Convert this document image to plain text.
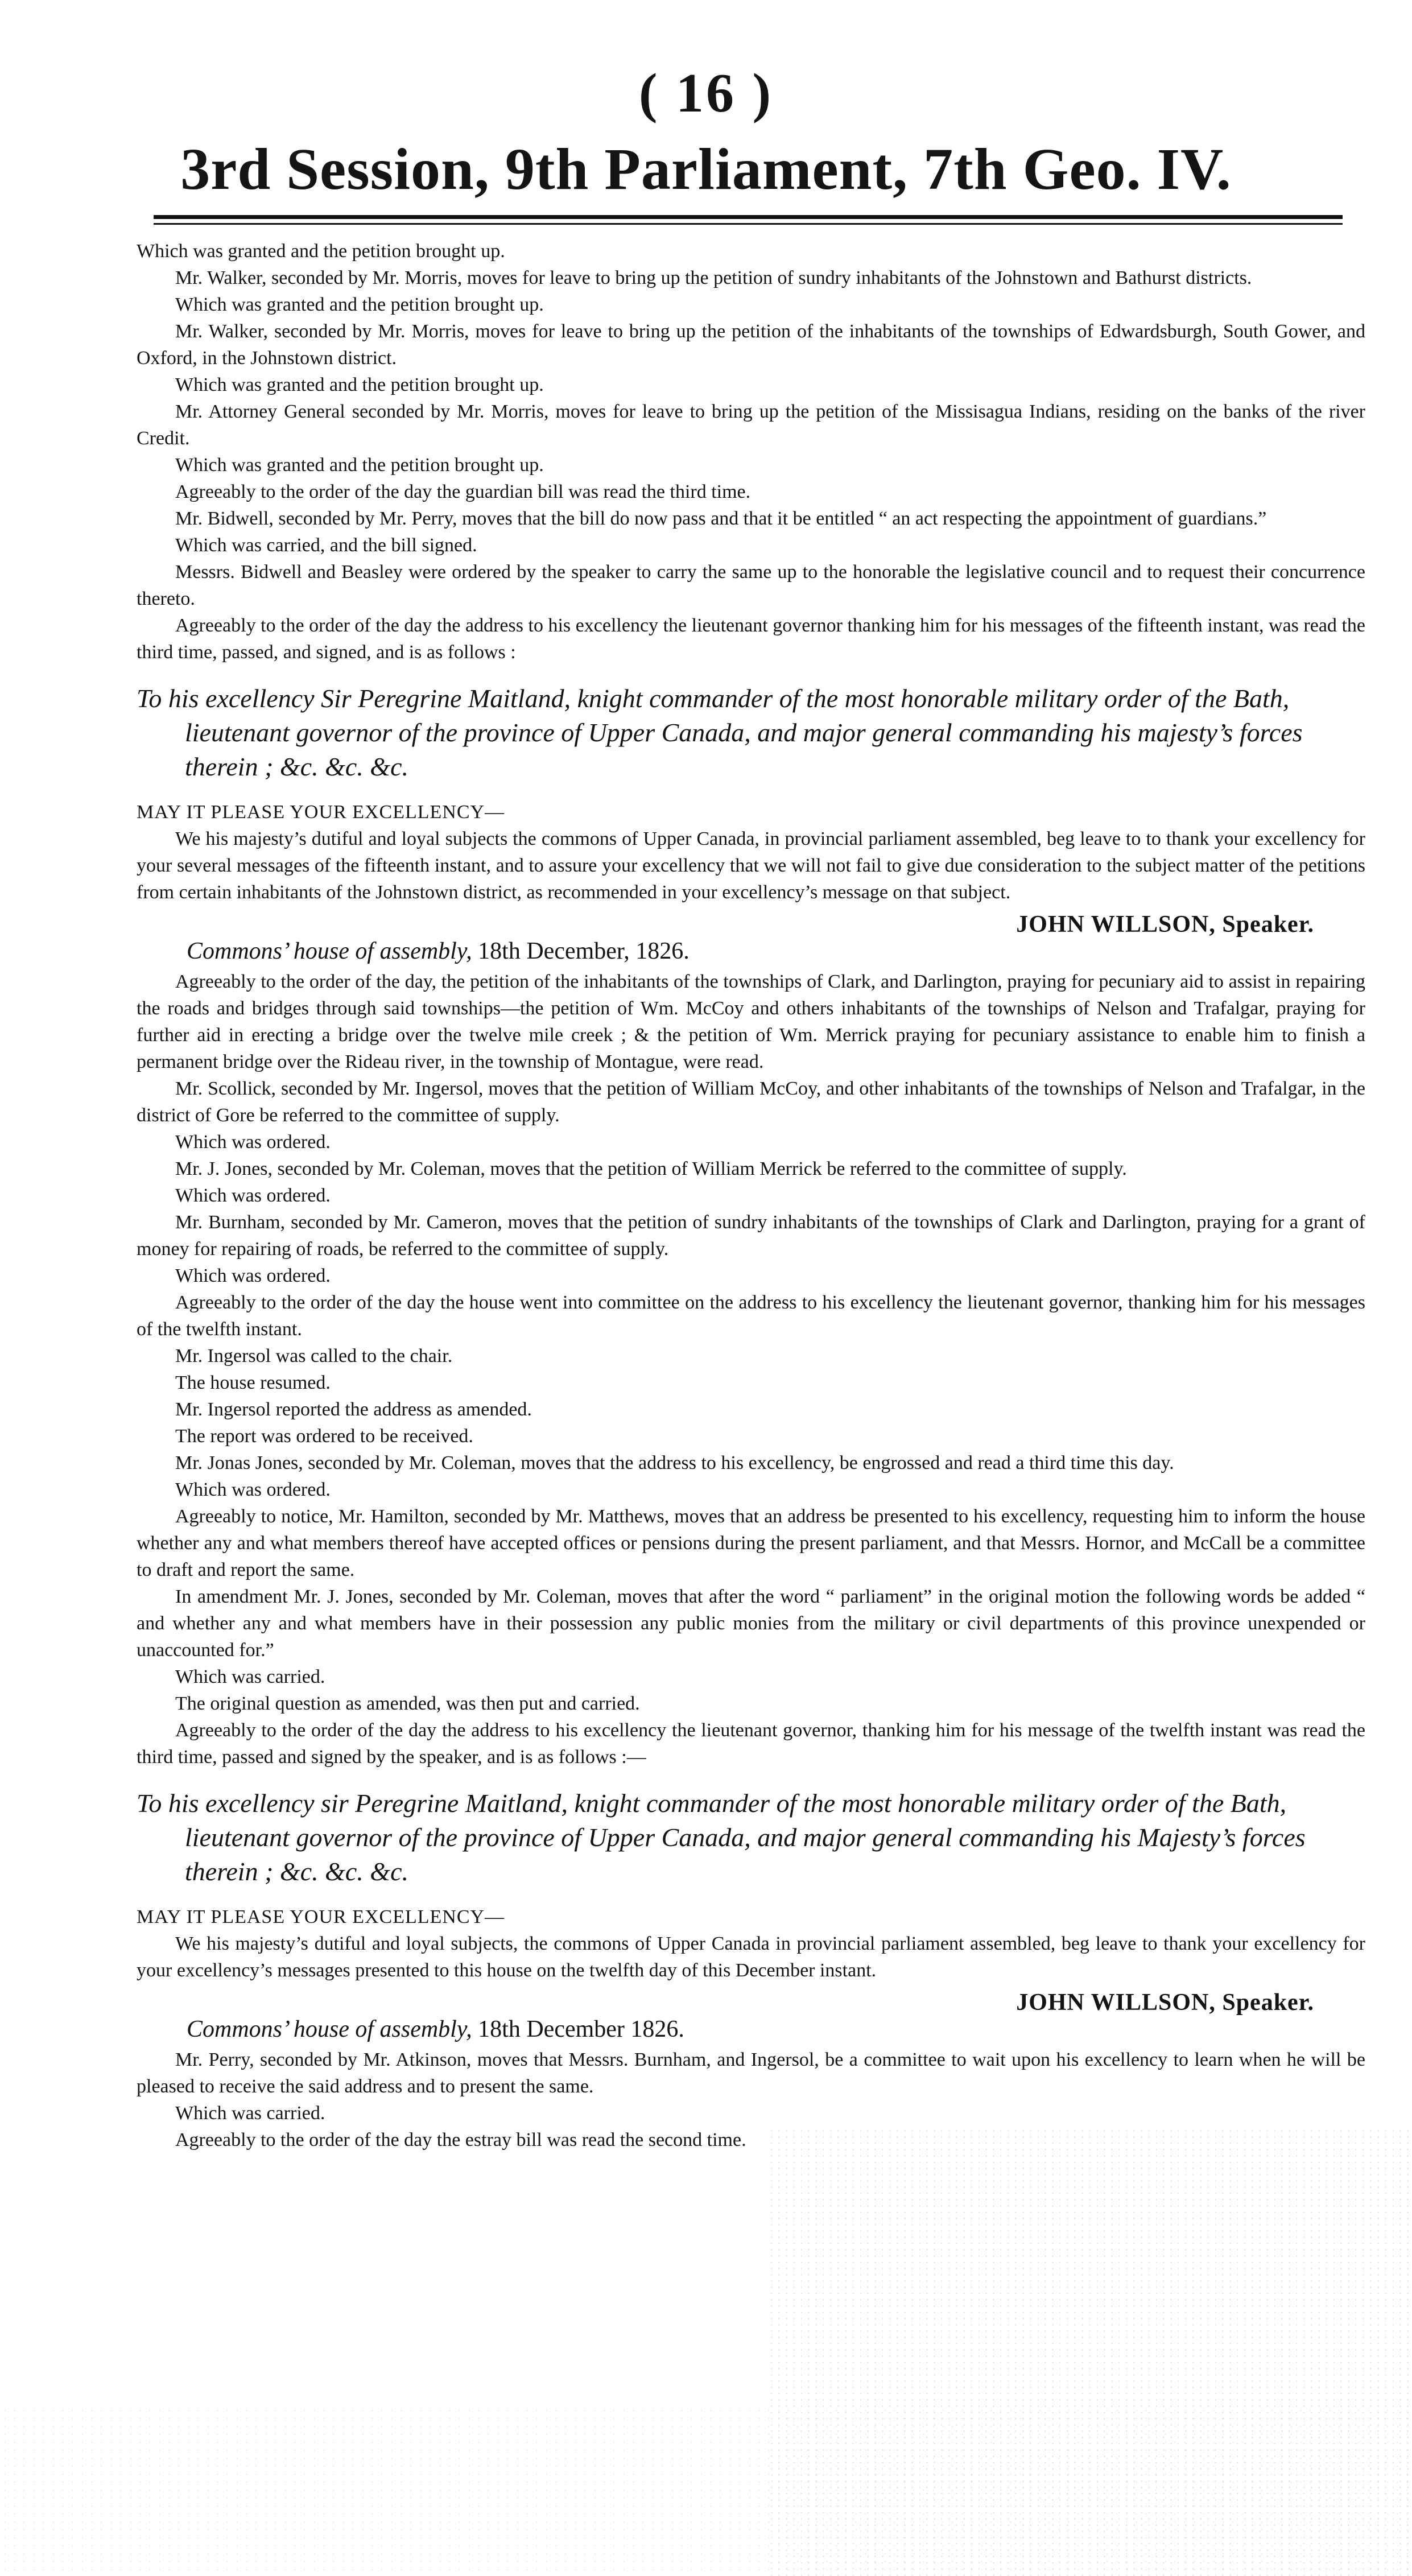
( 16 )
3rd Session, 9th Parliament, 7th Geo. IV.

Which was granted and the petition brought up.

Mr. Walker, seconded by Mr. Morris, moves for leave to bring up the petition of sundry inhabitants of the Johnstown and Bathurst districts.

Which was granted and the petition brought up.

Mr. Walker, seconded by Mr. Morris, moves for leave to bring up the petition of the inhabitants of the townships of Edwardsburgh, South Gower, and Oxford, in the Johnstown district.

Which was granted and the petition brought up.

Mr. Attorney General seconded by Mr. Morris, moves for leave to bring up the petition of the Missisagua Indians, residing on the banks of the river Credit.

Which was granted and the petition brought up.

Agreeably to the order of the day the guardian bill was read the third time.

Mr. Bidwell, seconded by Mr. Perry, moves that the bill do now pass and that it be entitled “ an act respecting the appointment of guardians.”

Which was carried, and the bill signed.

Messrs. Bidwell and Beasley were ordered by the speaker to carry the same up to the honorable the legislative council and to request their concurrence thereto.

Agreeably to the order of the day the address to his excellency the lieutenant governor thanking him for his messages of the fifteenth instant, was read the third time, passed, and signed, and is as follows :

To his excellency Sir Peregrine Maitland, knight commander of the most honorable military order of the Bath, lieutenant governor of the province of Upper Canada, and major general commanding his majesty’s forces therein ; &c. &c. &c.

MAY IT PLEASE YOUR EXCELLENCY—

We his majesty’s dutiful and loyal subjects the commons of Upper Canada, in provincial parliament assembled, beg leave to to thank your excellency for your several messages of the fifteenth instant, and to assure your excellency that we will not fail to give due consideration to the subject matter of the petitions from certain inhabitants of the Johnstown district, as recommended in your excellency’s message on that subject.

JOHN WILLSON, Speaker.

Commons’ house of assembly, 18th December, 1826.

Agreeably to the order of the day, the petition of the inhabitants of the townships of Clark, and Darlington, praying for pecuniary aid to assist in repairing the roads and bridges through said townships—the petition of Wm. McCoy and others inhabitants of the townships of Nelson and Trafalgar, praying for further aid in erecting a bridge over the twelve mile creek ; & the petition of Wm. Merrick praying for pecuniary assistance to enable him to finish a permanent bridge over the Rideau river, in the township of Montague, were read.

Mr. Scollick, seconded by Mr. Ingersol, moves that the petition of William McCoy, and other inhabitants of the townships of Nelson and Trafalgar, in the district of Gore be referred to the committee of supply.

Which was ordered.

Mr. J. Jones, seconded by Mr. Coleman, moves that the petition of William Merrick be referred to the committee of supply.

Which was ordered.

Mr. Burnham, seconded by Mr. Cameron, moves that the petition of sundry inhabitants of the townships of Clark and Darlington, praying for a grant of money for repairing of roads, be referred to the committee of supply.

Which was ordered.

Agreeably to the order of the day the house went into committee on the address to his excellency the lieutenant governor, thanking him for his messages of the twelfth instant.

Mr. Ingersol was called to the chair.

The house resumed.

Mr. Ingersol reported the address as amended.

The report was ordered to be received.

Mr. Jonas Jones, seconded by Mr. Coleman, moves that the address to his excellency, be engrossed and read a third time this day.

Which was ordered.

Agreeably to notice, Mr. Hamilton, seconded by Mr. Matthews, moves that an address be presented to his excellency, requesting him to inform the house whether any and what members thereof have accepted offices or pensions during the present parliament, and that Messrs. Hornor, and McCall be a committee to draft and report the same.

In amendment Mr. J. Jones, seconded by Mr. Coleman, moves that after the word “ parliament” in the original motion the following words be added “ and whether any and what members have in their possession any public monies from the military or civil departments of this province unexpended or unaccounted for.”

Which was carried.

The original question as amended, was then put and carried.

Agreeably to the order of the day the address to his excellency the lieutenant governor, thanking him for his message of the twelfth instant was read the third time, passed and signed by the speaker, and is as follows :—

To his excellency sir Peregrine Maitland, knight commander of the most honorable military order of the Bath, lieutenant governor of the province of Upper Canada, and major general commanding his Majesty’s forces therein ; &c. &c. &c.

MAY IT PLEASE YOUR EXCELLENCY—

We his majesty’s dutiful and loyal subjects, the commons of Upper Canada in provincial parliament assembled, beg leave to thank your excellency for your excellency’s messages presented to this house on the twelfth day of this December instant.

JOHN WILLSON, Speaker.

Commons’ house of assembly, 18th December 1826.

Mr. Perry, seconded by Mr. Atkinson, moves that Messrs. Burnham, and Ingersol, be a committee to wait upon his excellency to learn when he will be pleased to receive the said address and to present the same.

Which was carried.

Agreeably to the order of the day the estray bill was read the second time.
